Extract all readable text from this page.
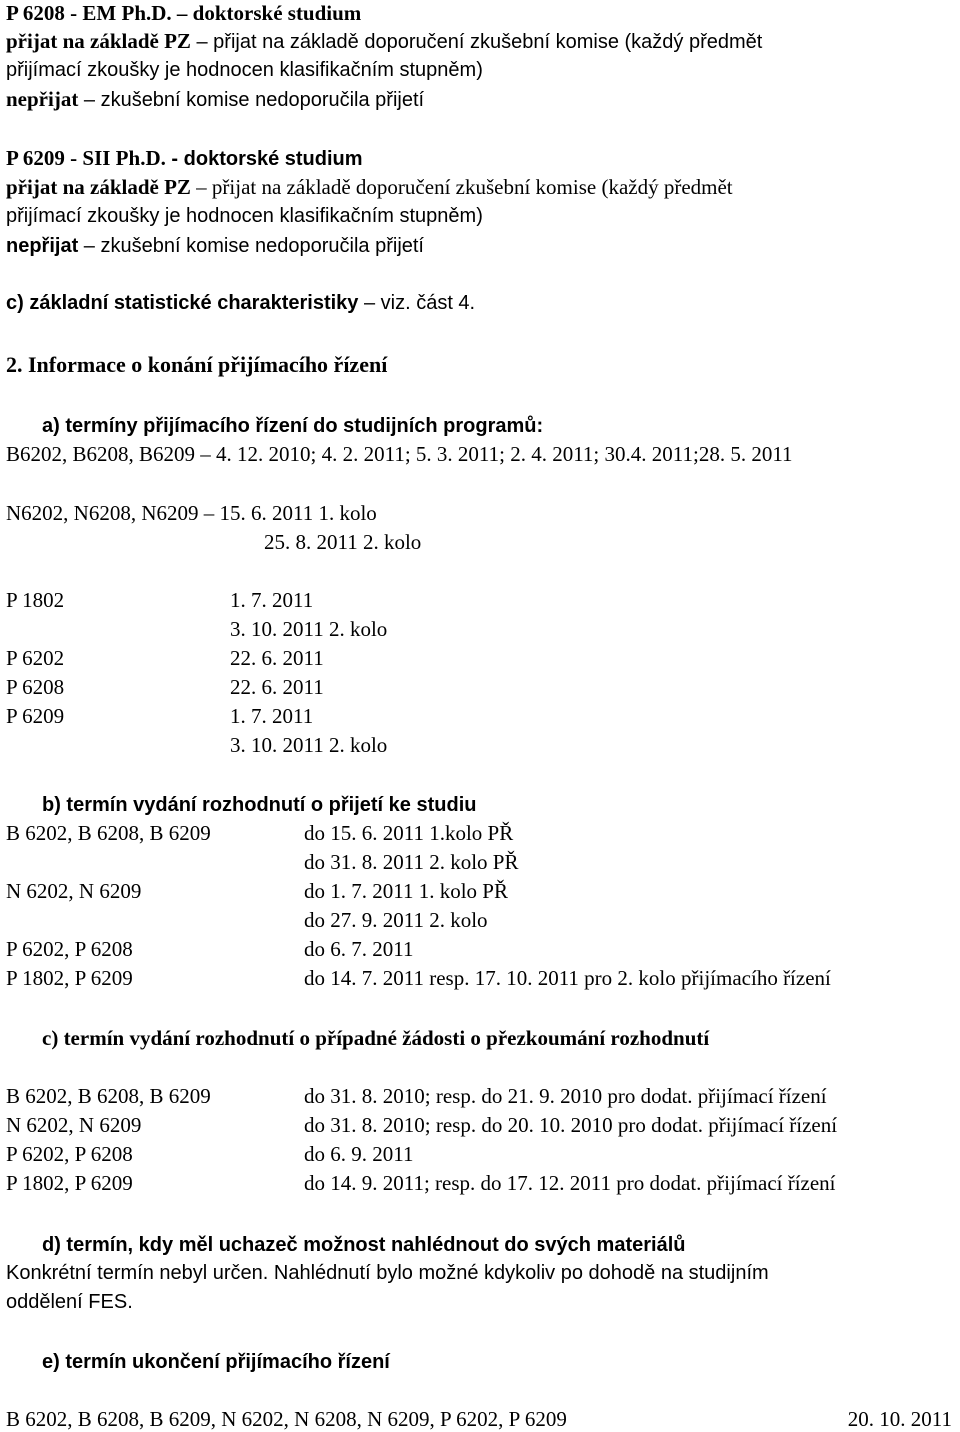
P 6208 - EM Ph.D. – doktorské studium
přijat na základě PZ – přijat na základě doporučení zkušební komise (každý předmět
přijímací zkoušky je hodnocen klasifikačním stupněm)
nepřijat – zkušební komise nedoporučila přijetí
P 6209 - SII Ph.D. - doktorské studium
přijat na základě PZ – přijat na základě doporučení zkušební komise (každý předmět
přijímací zkoušky je hodnocen klasifikačním stupněm)
nepřijat – zkušební komise nedoporučila přijetí
c) základní statistické charakteristiky – viz. část 4.
2. Informace o konání přijímacího řízení
a) termíny přijímacího řízení do studijních programů:
B6202, B6208, B6209 – 4. 12. 2010; 4. 2. 2011; 5. 3. 2011; 2. 4. 2011; 30.4. 2011;28. 5. 2011
N6202, N6208, N6209 – 15. 6. 2011 1. kolo
25. 8. 2011 2. kolo
P 1802	1. 7. 2011
3. 10. 2011 2. kolo
P 6202	22. 6. 2011
P 6208	22. 6. 2011
P 6209	1. 7. 2011
3. 10. 2011 2. kolo
b) termín vydání rozhodnutí o přijetí ke studiu
B 6202, B 6208, B 6209	do 15. 6. 2011 1.kolo PŘ
do 31. 8. 2011 2. kolo PŘ
N 6202, N 6209	do 1. 7. 2011 1. kolo PŘ
do 27. 9. 2011 2. kolo
P 6202, P 6208	do 6. 7. 2011
P 1802, P 6209	do 14. 7. 2011 resp. 17. 10. 2011 pro 2. kolo přijímacího řízení
c) termín vydání rozhodnutí o případné žádosti o přezkoumání rozhodnutí
B 6202, B 6208, B 6209	do 31. 8. 2010; resp. do 21. 9. 2010 pro dodat. přijímací řízení
N 6202, N 6209	do 31. 8. 2010; resp. do 20. 10. 2010 pro dodat. přijímací řízení
P 6202, P 6208	do 6. 9. 2011
P 1802, P 6209	do 14. 9. 2011; resp. do 17. 12. 2011 pro dodat. přijímací řízení
d) termín, kdy měl uchazeč možnost nahlédnout do svých materiálů
Konkrétní termín nebyl určen. Nahlédnutí bylo možné kdykoliv po dohodě na studijním
oddělení FES.
e) termín ukončení přijímacího řízení
B 6202, B 6208, B 6209, N 6202, N 6208, N 6209, P 6202, P 6209	20. 10. 2011
